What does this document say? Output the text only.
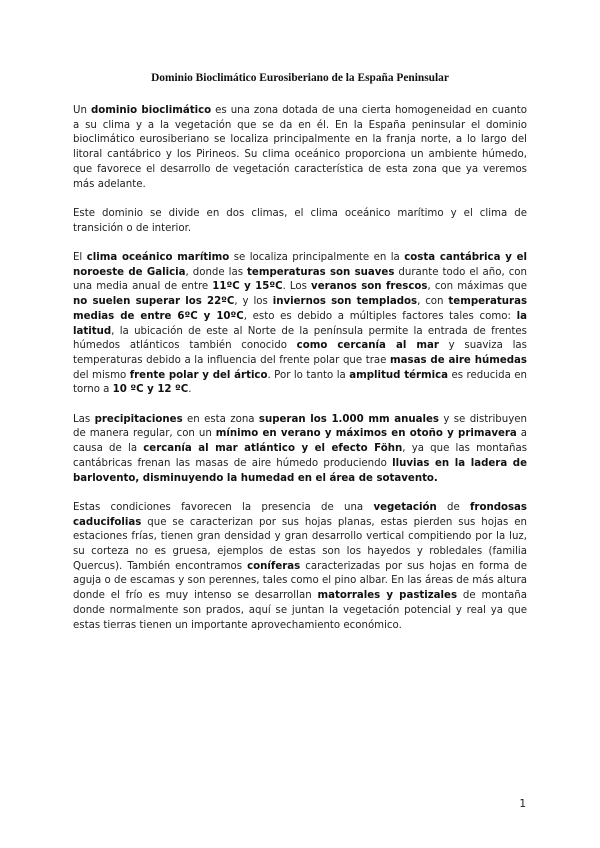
Dominio Bioclimático Eurosiberiano de la España Peninsular

Un dominio bioclimático es una zona dotada de una cierta homogeneidad en cuanto a su clima y a la vegetación que se da en él. En la España peninsular el dominio bioclimático eurosiberiano se localiza principalmente en la franja norte, a lo largo del litoral cantábrico y los Pirineos. Su clima oceánico proporciona un ambiente húmedo, que favorece el desarrollo de vegetación característica de esta zona que ya veremos más adelante.

Este dominio se divide en dos climas, el clima oceánico marítimo y el clima de transición o de interior.

El clima oceánico marítimo se localiza principalmente en la costa cantábrica y el noroeste de Galicia, donde las temperaturas son suaves durante todo el año, con una media anual de entre 11ºC y 15ºC. Los veranos son frescos, con máximas que no suelen superar los 22ºC, y los inviernos son templados, con temperaturas medias de entre 6ºC y 10ºC, esto es debido a múltiples factores tales como: la latitud, la ubicación de este al Norte de la península permite la entrada de frentes húmedos atlánticos también conocido como cercanía al mar y suaviza las temperaturas debido a la influencia del frente polar que trae masas de aire húmedas del mismo frente polar y del ártico. Por lo tanto la amplitud térmica es reducida en torno a 10 ºC y 12 ºC.

Las precipitaciones en esta zona superan los 1.000 mm anuales y se distribuyen de manera regular, con un mínimo en verano y máximos en otoño y primavera a causa de la cercanía al mar atlántico y el efecto Föhn, ya que las montañas cantábricas frenan las masas de aire húmedo produciendo lluvias en la ladera de barlovento, disminuyendo la humedad en el área de sotavento.

Estas condiciones favorecen la presencia de una vegetación de frondosas caducifolias que se caracterizan por sus hojas planas, estas pierden sus hojas en estaciones frías, tienen gran densidad y gran desarrollo vertical compitiendo por la luz, su corteza no es gruesa, ejemplos de estas son los hayedos y robledales (familia Quercus). También encontramos coníferas caracterizadas por sus hojas en forma de aguja o de escamas y son perennes, tales como el pino albar. En las áreas de más altura donde el frío es muy intenso se desarrollan matorrales y pastizales de montaña donde normalmente son prados, aquí se juntan la vegetación potencial y real ya que estas tierras tienen un importante aprovechamiento económico.

1
